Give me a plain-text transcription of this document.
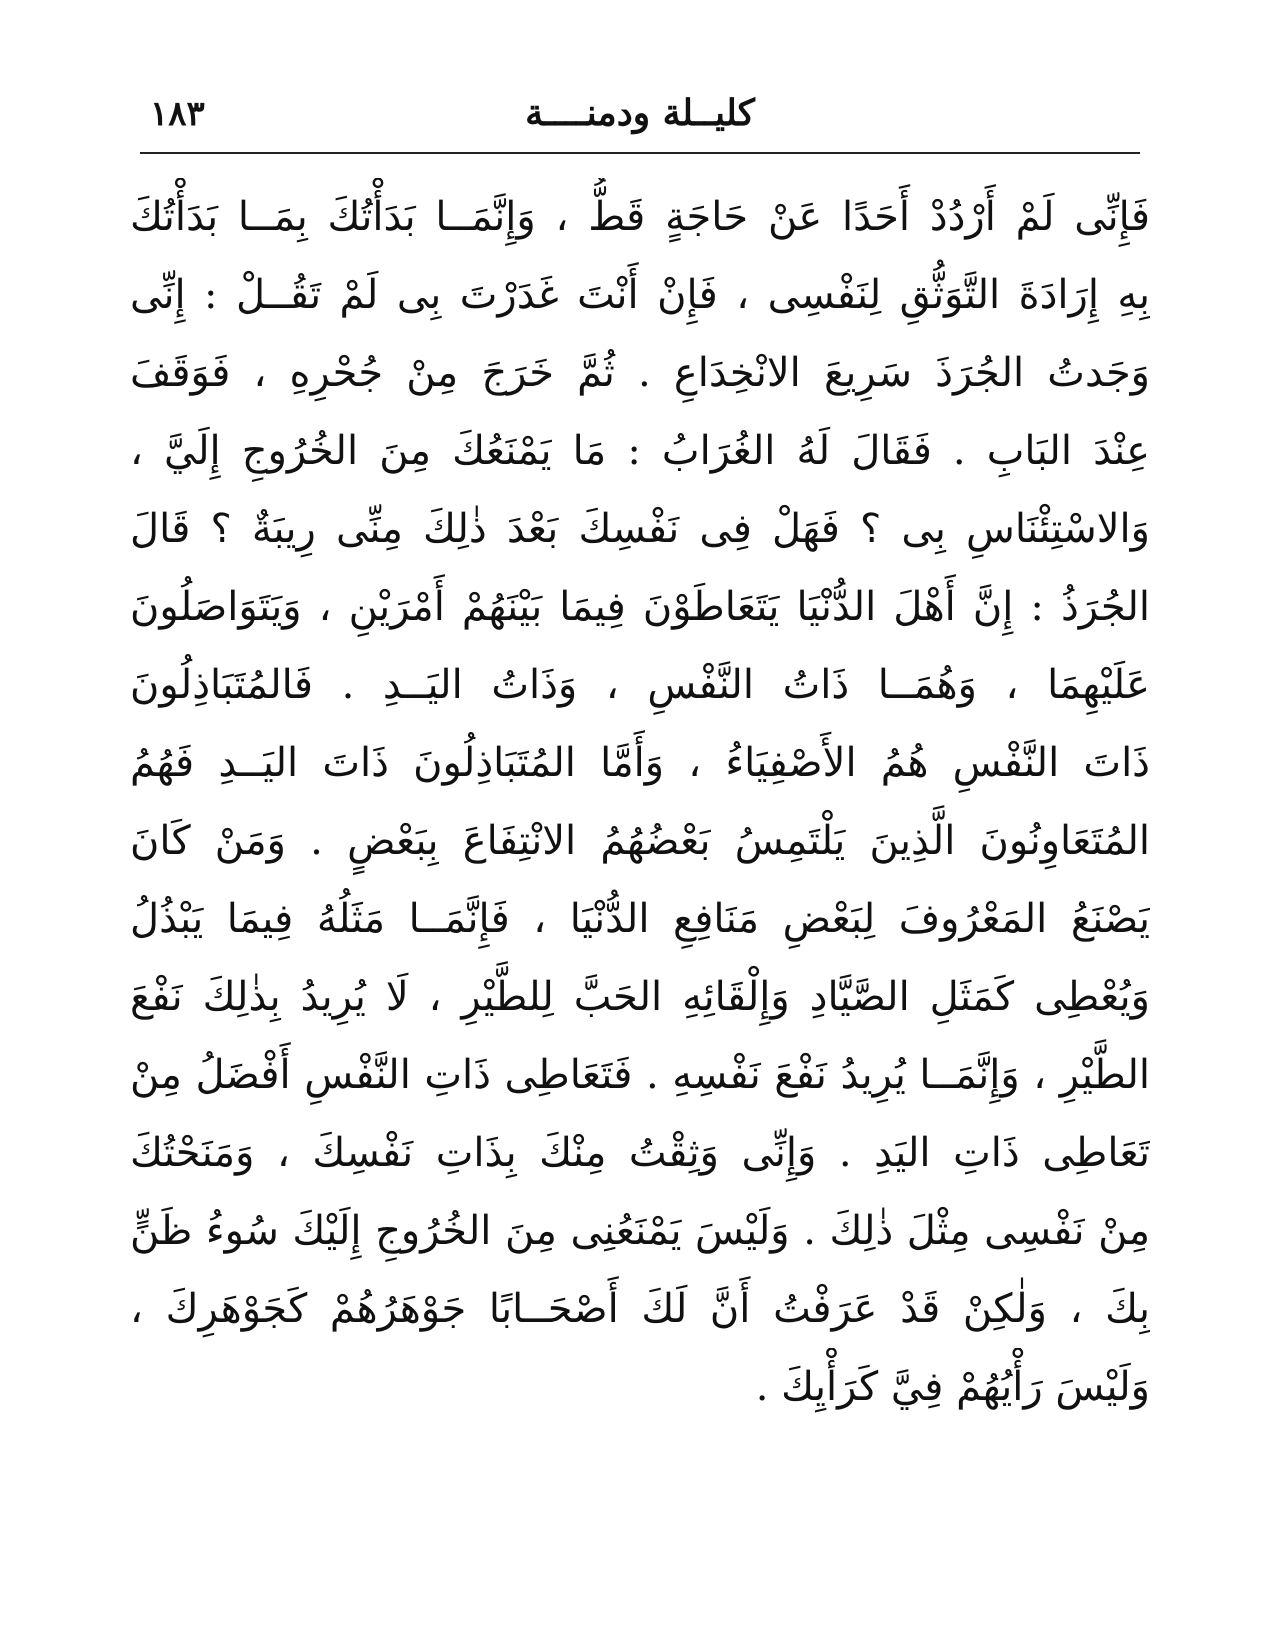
كليــلة ودمنــــة
١٨٣
فَإِنِّى لَمْ أَرْدُدْ أَحَدًا عَنْ حَاجَةٍ قَطُّ ، وَإِنَّمَــا بَدَأْتُكَ بِمَــا بَدَأْتُكَ
بِهِ إِرَادَةَ التَّوَثُّقِ لِنَفْسِى ، فَإِنْ أَنْتَ غَدَرْتَ بِى لَمْ تَقُــلْ : إِنِّى
وَجَدتُ الجُرَذَ سَرِيعَ الانْخِدَاعِ . ثُمَّ خَرَجَ مِنْ جُحْرِهِ ، فَوَقَفَ
عِنْدَ البَابِ . فَقَالَ لَهُ الغُرَابُ : مَا يَمْنَعُكَ مِنَ الخُرُوجِ إِلَيَّ ،
وَالاسْتِئْنَاسِ بِى ؟ فَهَلْ فِى نَفْسِكَ بَعْدَ ذٰلِكَ مِنِّى رِيبَةٌ ؟ قَالَ
الجُرَذُ : إِنَّ أَهْلَ الدُّنْيَا يَتَعَاطَوْنَ فِيمَا بَيْنَهُمْ أَمْرَيْنِ ، وَيَتَوَاصَلُونَ
عَلَيْهِمَا ، وَهُمَــا ذَاتُ النَّفْسِ ، وَذَاتُ اليَــدِ . فَالمُتَبَاذِلُونَ
ذَاتَ النَّفْسِ هُمُ الأَصْفِيَاءُ ، وَأَمَّا المُتَبَاذِلُونَ ذَاتَ اليَــدِ فَهُمُ
المُتَعَاوِنُونَ الَّذِينَ يَلْتَمِسُ بَعْضُهُمُ الانْتِفَاعَ بِبَعْضٍ . وَمَنْ كَانَ
يَصْنَعُ المَعْرُوفَ لِبَعْضِ مَنَافِعِ الدُّنْيَا ، فَإِنَّمَــا مَثَلُهُ فِيمَا يَبْذُلُ
وَيُعْطِى كَمَثَلِ الصَّيَّادِ وَإِلْقَائِهِ الحَبَّ لِلطَّيْرِ ، لَا يُرِيدُ بِذٰلِكَ نَفْعَ
الطَّيْرِ ، وَإِنَّمَــا يُرِيدُ نَفْعَ نَفْسِهِ . فَتَعَاطِى ذَاتِ النَّفْسِ أَفْضَلُ مِنْ
تَعَاطِى ذَاتِ اليَدِ . وَإِنِّى وَثِقْتُ مِنْكَ بِذَاتِ نَفْسِكَ ، وَمَنَحْتُكَ
مِنْ نَفْسِى مِثْلَ ذٰلِكَ . وَلَيْسَ يَمْنَعُنِى مِنَ الخُرُوجِ إِلَيْكَ سُوءُ ظَنٍّ
بِكَ ، وَلٰكِنْ قَدْ عَرَفْتُ أَنَّ لَكَ أَصْحَــابًا جَوْهَرُهُمْ كَجَوْهَرِكَ ،
وَلَيْسَ رَأْيُهُمْ فِيَّ كَرَأْيِكَ .
